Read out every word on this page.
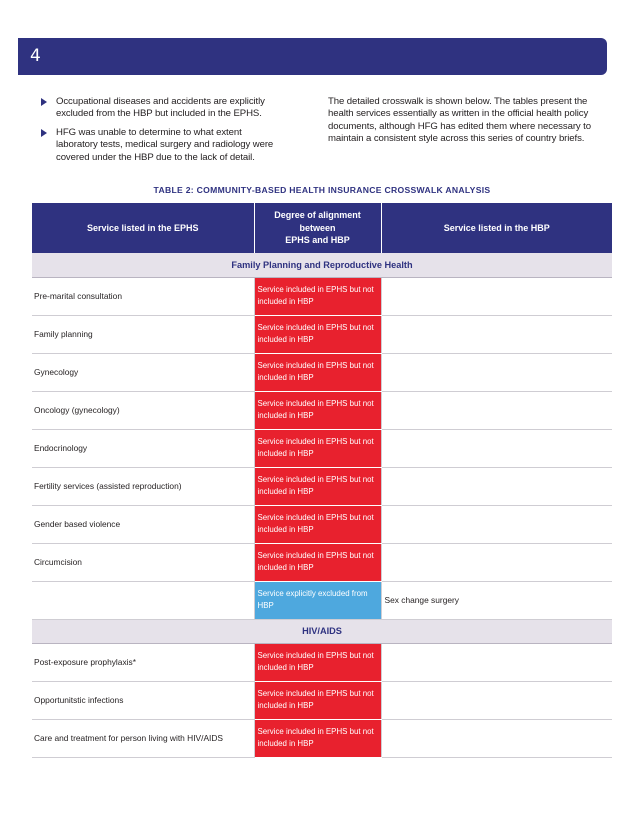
4
Occupational diseases and accidents are explicitly excluded from the HBP but included in the EPHS.
HFG was unable to determine to what extent laboratory tests, medical surgery and radiology were covered under the HBP due to the lack of detail.
The detailed crosswalk is shown below. The tables present the health services essentially as written in the official health policy documents, although HFG has edited them where necessary to maintain a consistent style across this series of country briefs.
TABLE 2: COMMUNITY-BASED HEALTH INSURANCE CROSSWALK ANALYSIS
Service listed in the EPHS	Degree of alignment
between
EPHS and HBP	Service listed in the HBP
Family Planning and Reproductive Health		
Pre-marital consultation	Service included in EPHS but not included in HBP	
Family planning	Service included in EPHS but not included in HBP	
Gynecology	Service included in EPHS but not included in HBP	
Oncology (gynecology)	Service included in EPHS but not included in HBP	
Endocrinology	Service included in EPHS but not included in HBP	
Fertility services (assisted reproduction)	Service included in EPHS but not included in HBP	
Gender based violence	Service included in EPHS but not included in HBP	
Circumcision	Service included in EPHS but not included in HBP	
	Service explicitly excluded from HBP	Sex change surgery
HIV/AIDS		
Post-exposure prophylaxis*	Service included in EPHS but not included in HBP	
Opportunitstic infections	Service included in EPHS but not included in HBP	
Care and treatment for person living with HIV/AIDS	Service included in EPHS but not included in HBP	
